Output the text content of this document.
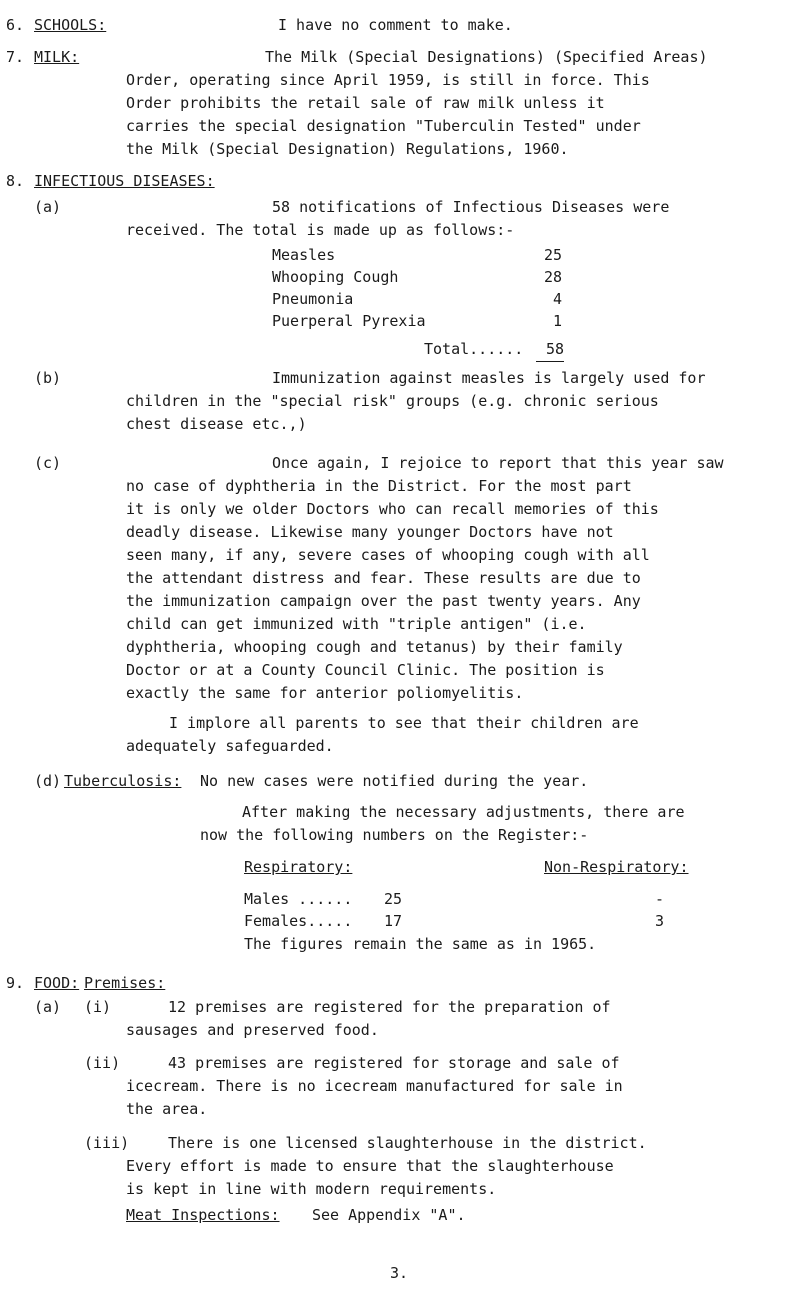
6. SCHOOLS:	I have no comment to make.
7. MILK:	The Milk (Special Designations) (Specified Areas)
Order, operating since April 1959, is still in force. This
Order prohibits the retail sale of raw milk unless it
carries the special designation "Tuberculin Tested" under
the Milk (Special Designation) Regulations, 1960.
8. INFECTIOUS DISEASES:
(a)	58 notifications of Infectious Diseases were
received. The total is made up as follows:-
Measles	25
Whooping Cough	28
Pneumonia	4
Puerperal Pyrexia	1
Total......	58
(b)	Immunization against measles is largely used for
children in the "special risk" groups (e.g. chronic serious
chest disease etc.,)
(c)	Once again, I rejoice to report that this year saw
no case of dyphtheria in the District. For the most part
it is only we older Doctors who can recall memories of this
deadly disease. Likewise many younger Doctors have not
seen many, if any, severe cases of whooping cough with all
the attendant distress and fear. These results are due to
the immunization campaign over the past twenty years. Any
child can get immunized with "triple antigen" (i.e.
dyphtheria, whooping cough and tetanus) by their family
Doctor or at a County Council Clinic. The position is
exactly the same for anterior poliomyelitis.
I implore all parents to see that their children are
adequately safeguarded.
(d) Tuberculosis: No new cases were notified during the year.
After making the necessary adjustments, there are
now the following numbers on the Register:-
Respiratory:	Non-Respiratory:
Males ......	25	-
Females.....	17	3
The figures remain the same as in 1965.
9. FOOD: Premises:
(a) (i)	12 premises are registered for the preparation of
sausages and preserved food.
(ii)	43 premises are registered for storage and sale of
icecream. There is no icecream manufactured for sale in
the area.
(iii)	There is one licensed slaughterhouse in the district.
Every effort is made to ensure that the slaughterhouse
is kept in line with modern requirements.
Meat Inspections: See Appendix "A".
3.
